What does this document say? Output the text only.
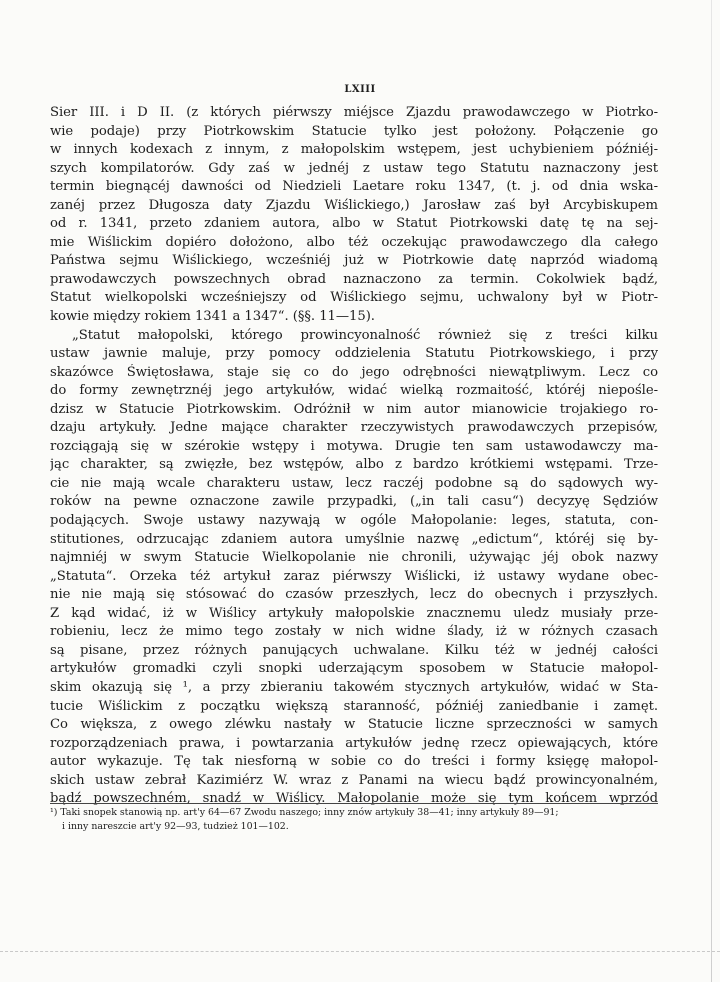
LXIII
Sier III. i D II. (z których piérwszy miéjsce Zjazdu prawodawczego w Piotrko-
wie podaje) przy Piotrkowskim Statucie tylko jest położony. Połączenie go
w innych kodexach z innym, z małopolskim wstępem, jest uchybieniem późniéj-
szych kompilatorów. Gdy zaś w jednéj z ustaw tego Statutu naznaczony jest
termin biegnącéj dawności od Niedzieli Laetare roku 1347, (t. j. od dnia wska-
zanéj przez Długosza daty Zjazdu Wiślickiego,) Jarosław zaś był Arcybiskupem
od r. 1341, przeto zdaniem autora, albo w Statut Piotrkowski datę tę na sej-
mie Wiślickim dopiéro dołożono, albo téż oczekując prawodawczego dla całego
Państwa sejmu Wiślickiego, wcześniéj już w Piotrkowie datę naprzód wiadomą
prawodawczych powszechnych obrad naznaczono za termin. Cokolwiek bądź,
Statut wielkopolski wcześniejszy od Wiślickiego sejmu, uchwalony był w Piotr-
kowie między rokiem 1341 a 1347“. (§§. 11—15).
„Statut małopolski, którego prowincyonalność również się z treści kilku
ustaw jawnie maluje, przy pomocy oddzielenia Statutu Piotrkowskiego, i przy
skazówce Świętosława, staje się co do jego odrębności niewątpliwym. Lecz co
do formy zewnętrznéj jego artykułów, widać wielką rozmaitość, któréj niepośle-
dzisz w Statucie Piotrkowskim. Odróżnił w nim autor mianowicie trojakiego ro-
dzaju artykuły. Jedne mające charakter rzeczywistych prawodawczych przepisów,
rozciągają się w szérokie wstępy i motywa. Drugie ten sam ustawodawczy ma-
jąc charakter, są zwięzłe, bez wstępów, albo z bardzo krótkiemi wstępami. Trze-
cie nie mają wcale charakteru ustaw, lecz raczéj podobne są do sądowych wy-
roków na pewne oznaczone zawile przypadki, („in tali casu“) decyzyę Sędziów
podających. Swoje ustawy nazywają w ogóle Małopolanie: leges, statuta, con-
stitutiones, odrzucając zdaniem autora umyślnie nazwę „edictum“, któréj się by-
najmniéj w swym Statucie Wielkopolanie nie chronili, używając jéj obok nazwy
„Statuta“. Orzeka téż artykuł zaraz piérwszy Wiślicki, iż ustawy wydane obec-
nie nie mają się stósować do czasów przeszłych, lecz do obecnych i przyszłych.
Z kąd widać, iż w Wiślicy artykuły małopolskie znacznemu uledz musiały prze-
robieniu, lecz że mimo tego zostały w nich widne ślady, iż w różnych czasach
są pisane, przez różnych panujących uchwalane. Kilku téż w jednéj całości
artykułów gromadki czyli snopki uderzającym sposobem w Statucie małopol-
skim okazują się ¹, a przy zbieraniu takowém stycznych artykułów, widać w Sta-
tucie Wiślickim z początku większą staranność, późniéj zaniedbanie i zamęt.
Co większa, z owego zléwku nastały w Statucie liczne sprzeczności w samych
rozporządzeniach prawa, i powtarzania artykułów jednę rzecz opiewających, które
autor wykazuje. Tę tak niesforną w sobie co do treści i formy księgę małopol-
skich ustaw zebrał Kazimiérz W. wraz z Panami na wiecu bądź prowincyonalném,
bądź powszechném, snadź w Wiślicy. Małopolanie może się tym końcem wprzód
¹) Taki snopek stanowią np. art'y 64—67 Zwodu naszego; inny znów artykuły 38—41; inny artykuły 89—91;
i inny nareszcie art'y 92—93, tudzież 101—102.
